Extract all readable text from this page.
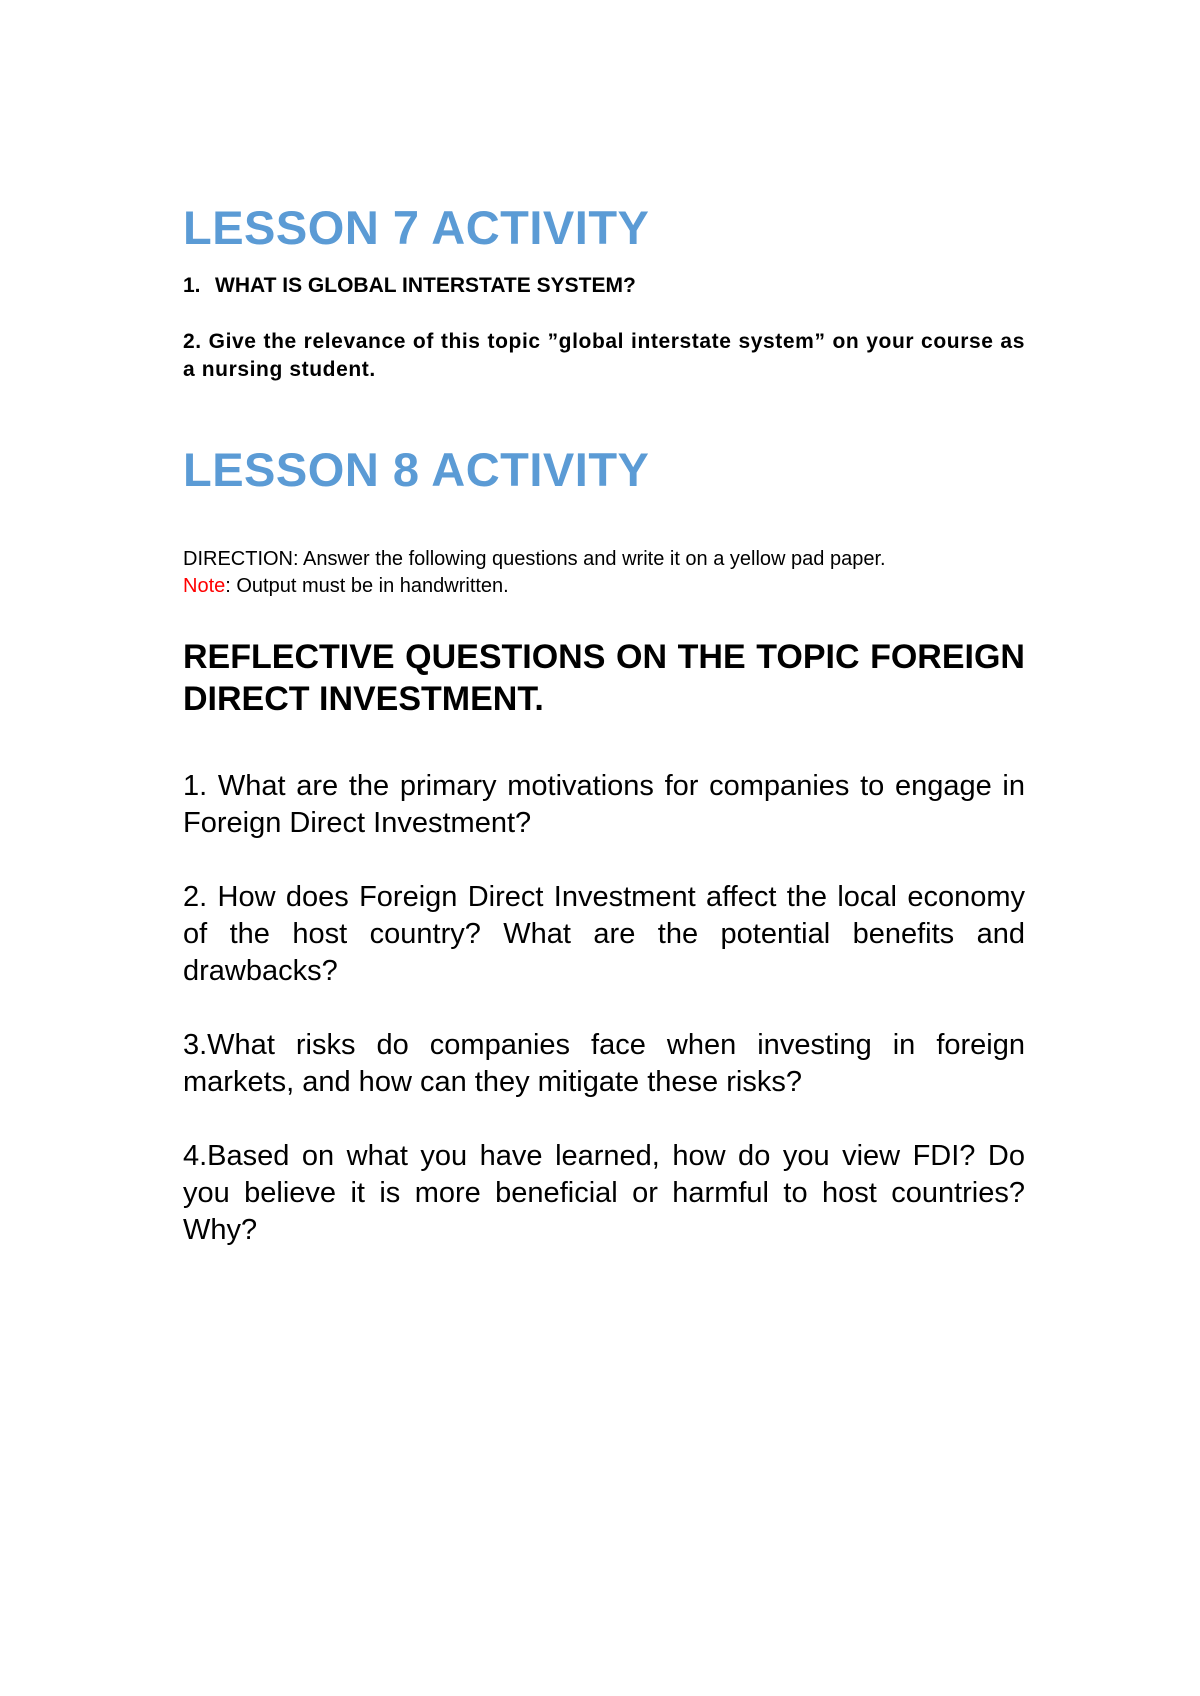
LESSON 7 ACTIVITY

1. WHAT IS GLOBAL INTERSTATE SYSTEM?

2. Give the relevance of this topic ”global interstate system” on your course as a nursing student.

LESSON 8 ACTIVITY

DIRECTION: Answer the following questions and write it on a yellow pad paper.

Note: Output must be in handwritten.

REFLECTIVE QUESTIONS ON THE TOPIC FOREIGN DIRECT INVESTMENT.

1. What are the primary motivations for companies to engage in Foreign Direct Investment?

2. How does Foreign Direct Investment affect the local economy of the host country? What are the potential benefits and drawbacks?

3.What risks do companies face when investing in foreign markets, and how can they mitigate these risks?

4.Based on what you have learned, how do you view FDI? Do you believe it is more beneficial or harmful to host countries? Why?
